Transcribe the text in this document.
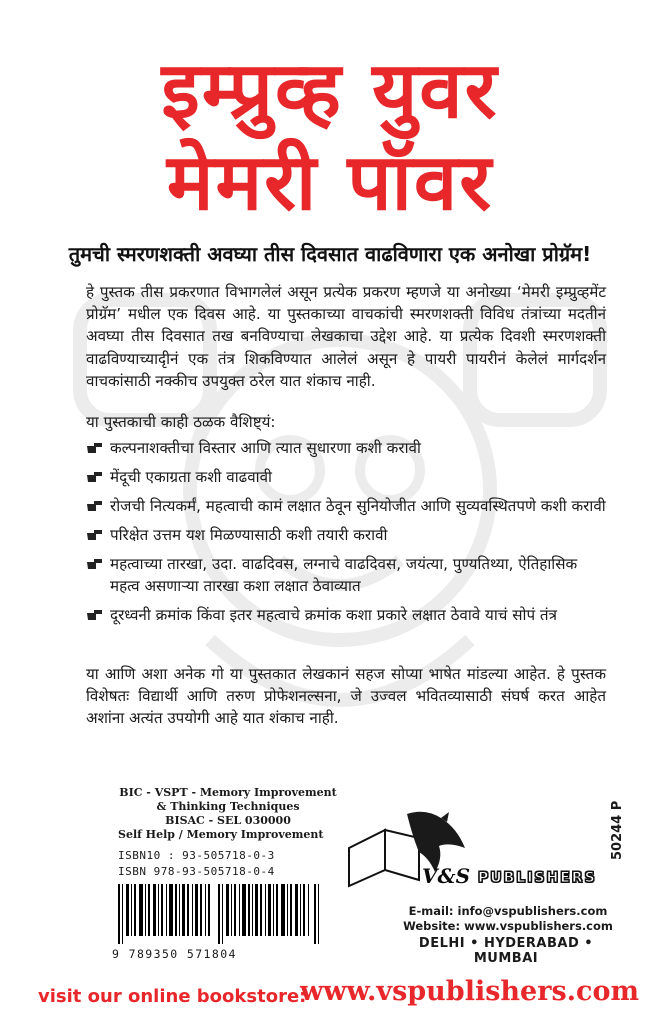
इम्प्रुव्ह युवर
मेमरी पॉवर
तुमची स्मरणशक्ती अवघ्या तीस दिवसात वाढविणारा एक अनोखा प्रोग्रॅम!

हे पुस्तक तीस प्रकरणात विभागलेलं असून प्रत्येक प्रकरण म्हणजे या अनोख्या ‘मेमरी इम्प्रुव्हमेंट प्रोग्रॅम’ मधील एक दिवस आहे. या पुस्तकाच्या वाचकांची स्मरणशक्ती विविध तंत्रांच्या मदतीनं अवघ्या तीस दिवसात तख बनविण्याचा लेखकाचा उद्देश आहे. या प्रत्येक दिवशी स्मरणशक्ती वाढविण्याच्यादृीनं एक तंत्र शिकविण्यात आलेलं असून हे पायरी पायरीनं केलेलं मार्गदर्शन वाचकांसाठी नक्कीच उपयुक्त ठरेल यात शंकाच नाही.

या पुस्तकाची काही ठळक वैशिष्ट्यं:
कल्पनाशक्तीचा विस्तार आणि त्यात सुधारणा कशी करावी
मेंदूची एकाग्रता कशी वाढवावी
रोजची नित्यकर्मं, महत्वाची कामं लक्षात ठेवून सुनियोजीत आणि सुव्यवस्थितपणे कशी करावी
परिक्षेत उत्तम यश मिळण्यासाठी कशी तयारी करावी
महत्वाच्या तारखा, उदा. वाढदिवस, लग्नाचे वाढदिवस, जयंत्या, पुण्यतिथ्या, ऐतिहासिक महत्व असणाऱ्या तारखा कशा लक्षात ठेवाव्यात
दूरध्वनी क्रमांक किंवा इतर महत्वाचे क्रमांक कशा प्रकारे लक्षात ठेवावे याचं सोपं तंत्र

या आणि अशा अनेक गो या पुस्तकात लेखकानं सहज सोप्या भाषेत मांडल्या आहेत. हे पुस्तक विशेषतः विद्यार्थी आणि तरुण प्रोफेशनल्सना, जे उज्वल भवितव्यासाठी संघर्ष करत आहेत अशांना अत्यंत उपयोगी आहे यात शंकाच नाही.

BIC - VSPT - Memory Improvement
& Thinking Techniques
BISAC - SEL 030000
Self Help / Memory Improvement
ISBN10 : 93-505718-0-3
ISBN 978-93-505718-0-4
9 789350 571804
50244 P
V&S PUBLISHERS
E-mail: info@vspublishers.com
Website: www.vspublishers.com
DELHI • HYDERABAD • MUMBAI
visit our online bookstore:
www.vspublishers.com
